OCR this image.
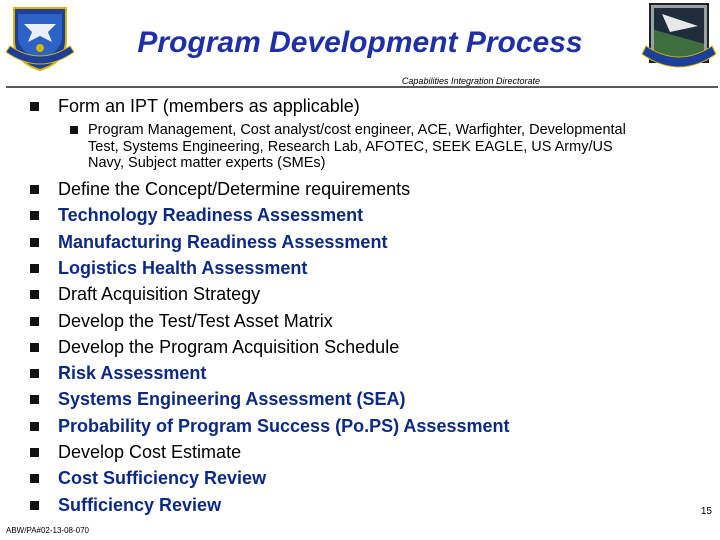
Program Development Process
Capabilities Integration Directorate
Form an IPT (members as applicable)
Program Management, Cost analyst/cost engineer, ACE, Warfighter, Developmental Test, Systems Engineering, Research Lab, AFOTEC, SEEK EAGLE, US Army/US Navy, Subject matter experts (SMEs)
Define the Concept/Determine requirements
Technology Readiness Assessment
Manufacturing Readiness Assessment
Logistics Health Assessment
Draft Acquisition Strategy
Develop the Test/Test Asset Matrix
Develop the Program Acquisition Schedule
Risk Assessment
Systems Engineering Assessment (SEA)
Probability of Program Success (Po.PS) Assessment
Develop Cost Estimate
Cost Sufficiency Review
Sufficiency Review
ABW/PA#02-13-08-070
15
